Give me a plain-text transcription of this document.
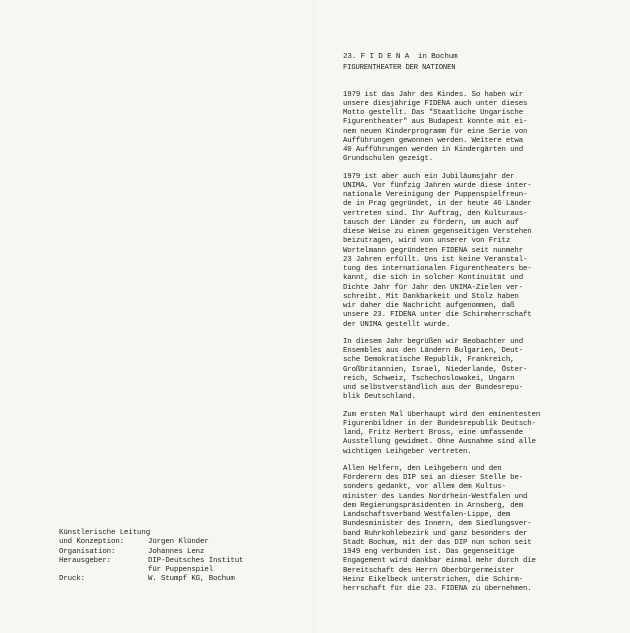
23. F I D E N A  in Bochum
FIGURENTHEATER DER NATIONEN
1979 ist das Jahr des Kindes. So haben wir
unsere diesjährige FIDENA auch unter dieses
Motto gestellt. Das "Staatliche Ungarische
Figurentheater" aus Budapest konnte mit ei-
nem neuen Kinderprogramm für eine Serie von
Aufführungen gewonnen werden. Weitere etwa
40 Aufführungen werden in Kindergärten und
Grundschulen gezeigt.
1979 ist aber auch ein Jubiläumsjahr der
UNIMA. Vor fünfzig Jahren wurde diese inter-
nationale Vereinigung der Puppenspielfreun-
de in Prag gegründet, in der heute 46 Länder
vertreten sind. Ihr Auftrag, den Kulturaus-
tausch der Länder zu fördern, um auch auf
diese Weise zu einem gegenseitigen Verstehen
beizutragen, wird von unserer von Fritz
Wortelmann gegründeten FIDENA seit nunmehr
23 Jahren erfüllt. Uns ist keine Veranstal-
tung des internationalen Figurentheaters be-
kannt, die sich in solcher Kontinuität und
Dichte Jahr für Jahr den UNIMA-Zielen ver-
schreibt. Mit Dankbarkeit und Stolz haben
wir daher die Nachricht aufgenommen, daß
unsere 23. FIDENA unter die Schirmherrschaft
der UNIMA gestellt wurde.
In diesem Jahr begrüßen wir Beobachter und
Ensembles aus den Ländern Bulgarien, Deut-
sche Demokratische Republik, Frankreich,
Großbritannien, Israel, Niederlande, Öster-
reich, Schweiz, Tschechoslowakei, Ungarn
und selbstverständlich aus der Bundesrepu-
blik Deutschland.
Zum ersten Mal überhaupt wird den eminentesten
Figurenbildner in der Bundesrepublik Deutsch-
land, Fritz Herbert Bross, eine umfassende
Ausstellung gewidmet. Ohne Ausnahme sind alle
wichtigen Leihgeber vertreten.
Allen Helfern, den Leihgebern und den
Förderern des DIP sei an dieser Stelle be-
sonders gedankt, vor allem dem Kultus-
minister des Landes Nordrhein-Westfalen und
dem Regierungspräsidenten in Arnsberg, dem
Landschaftsverband Westfalen-Lippe, dem
Bundesminister des Innern, dem Siedlungsver-
band Ruhrkohlebezirk und ganz besonders der
Stadt Bochum, mit der das DIP nun schon seit
1949 eng verbunden ist. Das gegenseitige
Engagement wird dankbar einmal mehr durch die
Bereitschaft des Herrn Oberbürgermeister
Heinz Eikelbeck unterstrichen, die Schirm-
herrschaft für die 23. FIDENA zu übernehmen.
Künstlerische Leitung
und Konzeption:	Jürgen Klünder
Organisation:	Johannes Lenz
Herausgeber:	DIP-Deutsches Institut
für Puppenspiel
Druck:	W. Stumpf KG, Bochum
